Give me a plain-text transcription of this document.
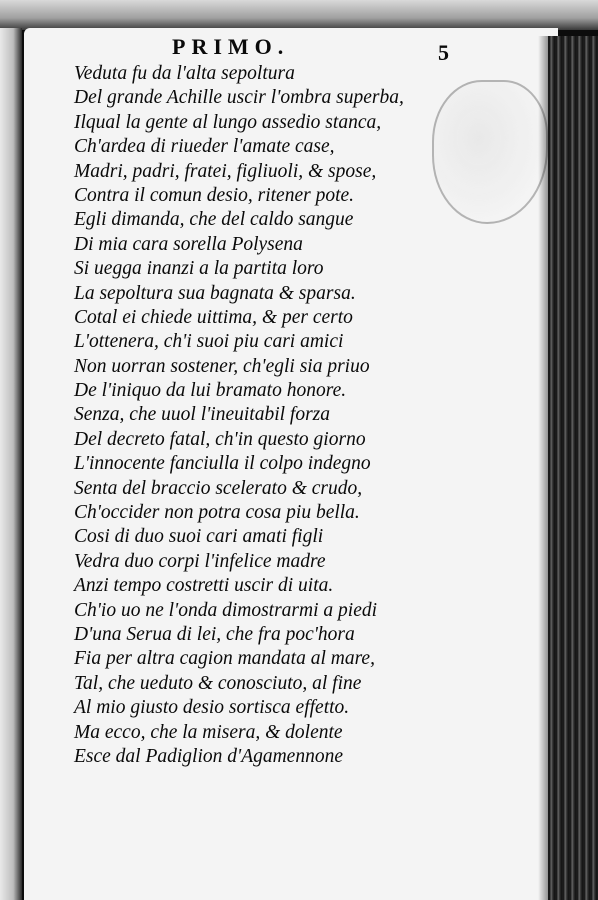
PRIMO.	5
Veduta fu da l'alta sepoltura
Del grande Achille uscir l'ombra superba,
Ilqual la gente al lungo assedio stanca,
Ch'ardea di riueder l'amate case,
Madri, padri, fratei, figliuoli, & spose,
Contra il comun desio, ritener pote.
Egli dimanda, che del caldo sangue
Di mia cara sorella Polysena
Si uegga inanzi a la partita loro
La sepoltura sua bagnata & sparsa.
Cotal ei chiede uittima, & per certo
L'ottenera, ch'i suoi piu cari amici
Non uorran sostener, ch'egli sia priuo
De l'iniquo da lui bramato honore.
Senza, che uuol l'ineuitabil forza
Del decreto fatal, ch'in questo giorno
L'innocente fanciulla il colpo indegno
Senta del braccio scelerato & crudo,
Ch'occider non potra cosa piu bella.
Cosi di duo suoi cari amati figli
Vedra duo corpi l'infelice madre
Anzi tempo costretti uscir di uita.
Ch'io uo ne l'onda dimostrarmi a piedi
D'una Serua di lei, che fra poc'hora
Fia per altra cagion mandata al mare,
Tal, che ueduto & conosciuto, al fine
Al mio giusto desio sortisca effetto.
Ma ecco, che la misera, & dolente
Esce dal Padiglion d'Agamennone
